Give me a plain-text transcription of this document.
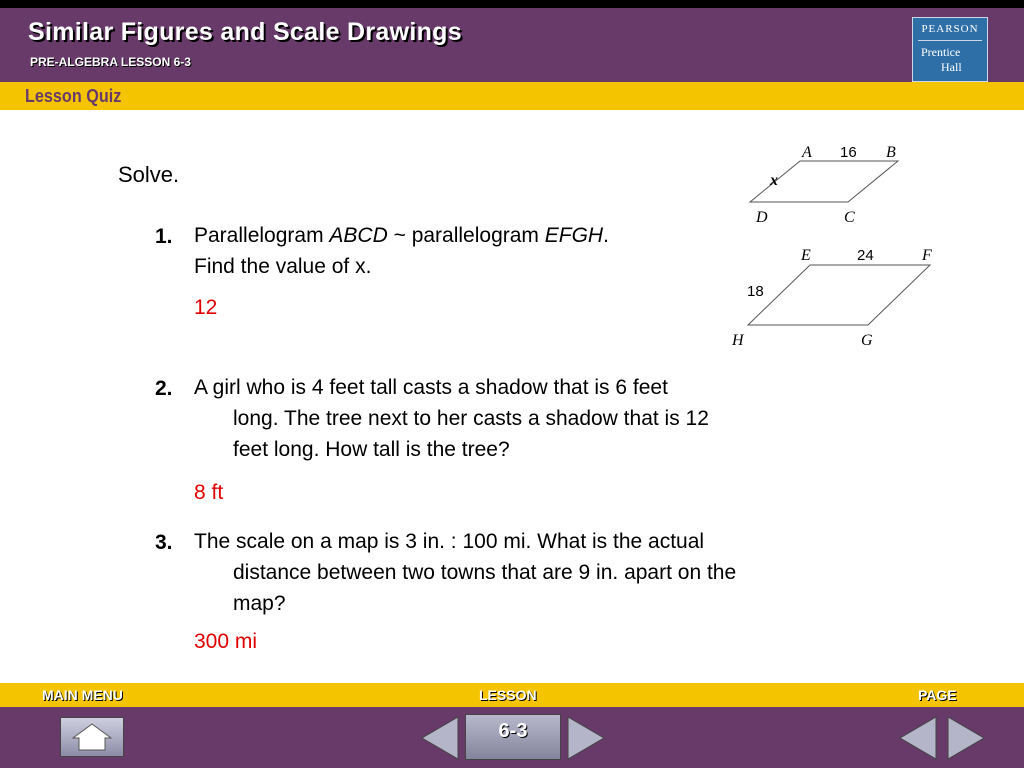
Similar Figures and Scale Drawings
PRE-ALGEBRA LESSON 6-3
PEARSON
Prentice
Hall
Lesson Quiz
Solve.
1. Parallelogram ABCD ~ parallelogram EFGH.
Find the value of x.
12
2. A girl who is 4 feet tall casts a shadow that is 6 feet
long. The tree next to her casts a shadow that is 12
feet long. How tall is the tree?
8 ft
3. The scale on a map is 3 in. : 100 mi. What is the actual
distance between two towns that are 9 in. apart on the
map?
300 mi
A	B
C
D
x
E	F
G
H
16
24
18
MAIN MENU	LESSON	PAGE
6-3
